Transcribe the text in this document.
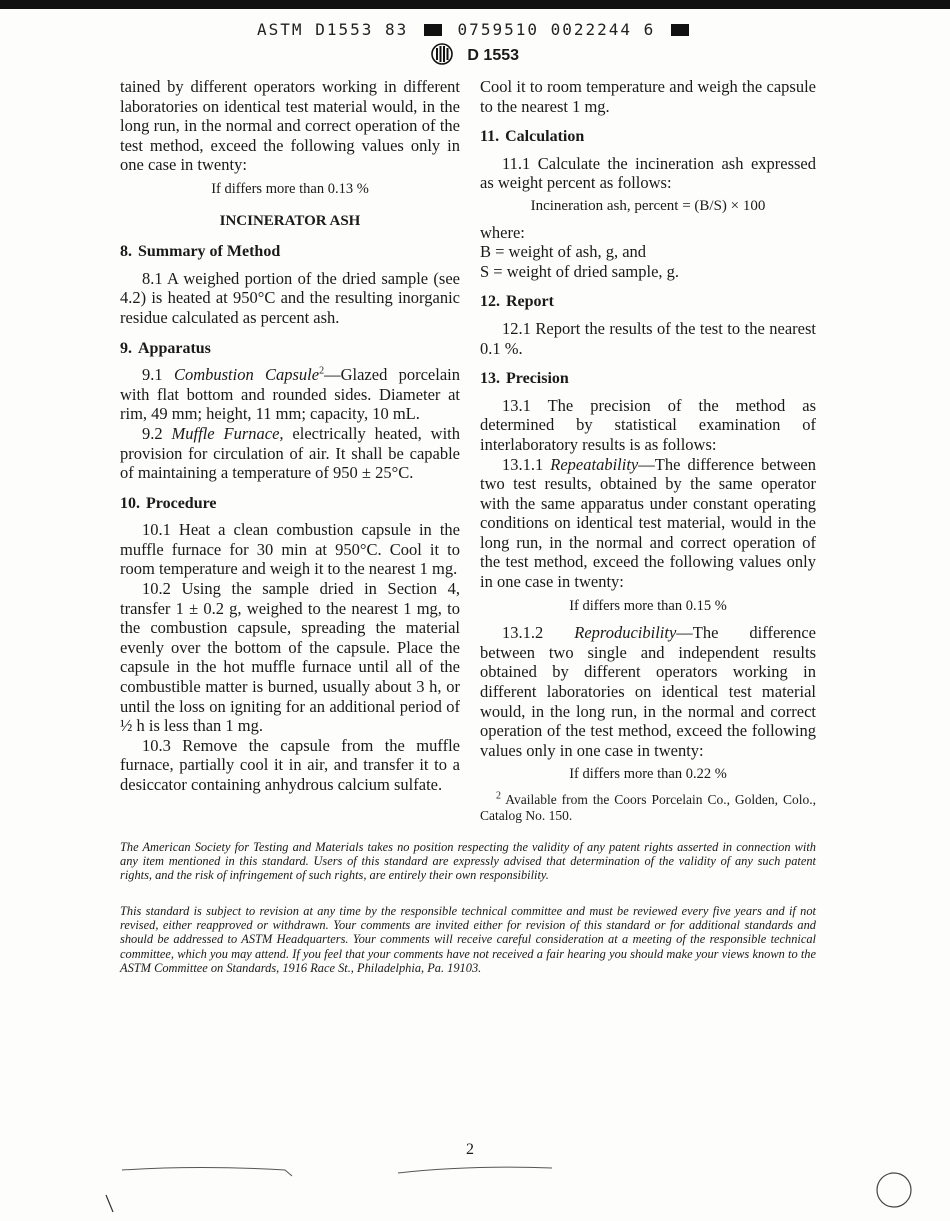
ASTM D1553 83	0759510 0022244 6
D 1553

tained by different operators working in different laboratories on identical test material would, in the long run, in the normal and correct operation of the test method, exceed the following values only in one case in twenty:

If differs more than 0.13 %

INCINERATOR ASH
8. Summary of Method

8.1 A weighed portion of the dried sample (see 4.2) is heated at 950°C and the resulting inorganic residue calculated as percent ash.

9. Apparatus

9.1 Combustion Capsule$^2$—Glazed porcelain with flat bottom and rounded sides. Diameter at rim, 49 mm; height, 11 mm; capacity, 10 mL.

9.2 Muffle Furnace, electrically heated, with provision for circulation of air. It shall be capable of maintaining a temperature of 950 ± 25°C.

10. Procedure

10.1 Heat a clean combustion capsule in the muffle furnace for 30 min at 950°C. Cool it to room temperature and weigh it to the nearest 1 mg.

10.2 Using the sample dried in Section 4, transfer 1 ± 0.2 g, weighed to the nearest 1 mg, to the combustion capsule, spreading the material evenly over the bottom of the capsule. Place the capsule in the hot muffle furnace until all of the combustible matter is burned, usually about 3 h, or until the loss on igniting for an additional period of ½ h is less than 1 mg.

10.3 Remove the capsule from the muffle furnace, partially cool it in air, and transfer it to a desiccator containing anhydrous calcium sulfate.

Cool it to room temperature and weigh the capsule to the nearest 1 mg.

11. Calculation

11.1 Calculate the incineration ash expressed as weight percent as follows:

Incineration ash, percent = (B/S) × 100

where:

B = weight of ash, g, and

S = weight of dried sample, g.

12. Report

12.1 Report the results of the test to the nearest 0.1 %.

13. Precision

13.1 The precision of the method as determined by statistical examination of interlaboratory results is as follows:

13.1.1 Repeatability—The difference between two test results, obtained by the same operator with the same apparatus under constant operating conditions on identical test material, would in the long run, in the normal and correct operation of the test method, exceed the following values only in one case in twenty:

If differs more than 0.15 %

13.1.2 Reproducibility—The difference between two single and independent results obtained by different operators working in different laboratories on identical test material would, in the long run, in the normal and correct operation of the test method, exceed the following values only in one case in twenty:

If differs more than 0.22 %

$^2$ Available from the Coors Porcelain Co., Golden, Colo., Catalog No. 150.

The American Society for Testing and Materials takes no position respecting the validity of any patent rights asserted in connection with any item mentioned in this standard. Users of this standard are expressly advised that determination of the validity of any such patent rights, and the risk of infringement of such rights, are entirely their own responsibility.
This standard is subject to revision at any time by the responsible technical committee and must be reviewed every five years and if not revised, either reapproved or withdrawn. Your comments are invited either for revision of this standard or for additional standards and should be addressed to ASTM Headquarters. Your comments will receive careful consideration at a meeting of the responsible technical committee, which you may attend. If you feel that your comments have not received a fair hearing you should make your views known to the ASTM Committee on Standards, 1916 Race St., Philadelphia, Pa. 19103.
2
